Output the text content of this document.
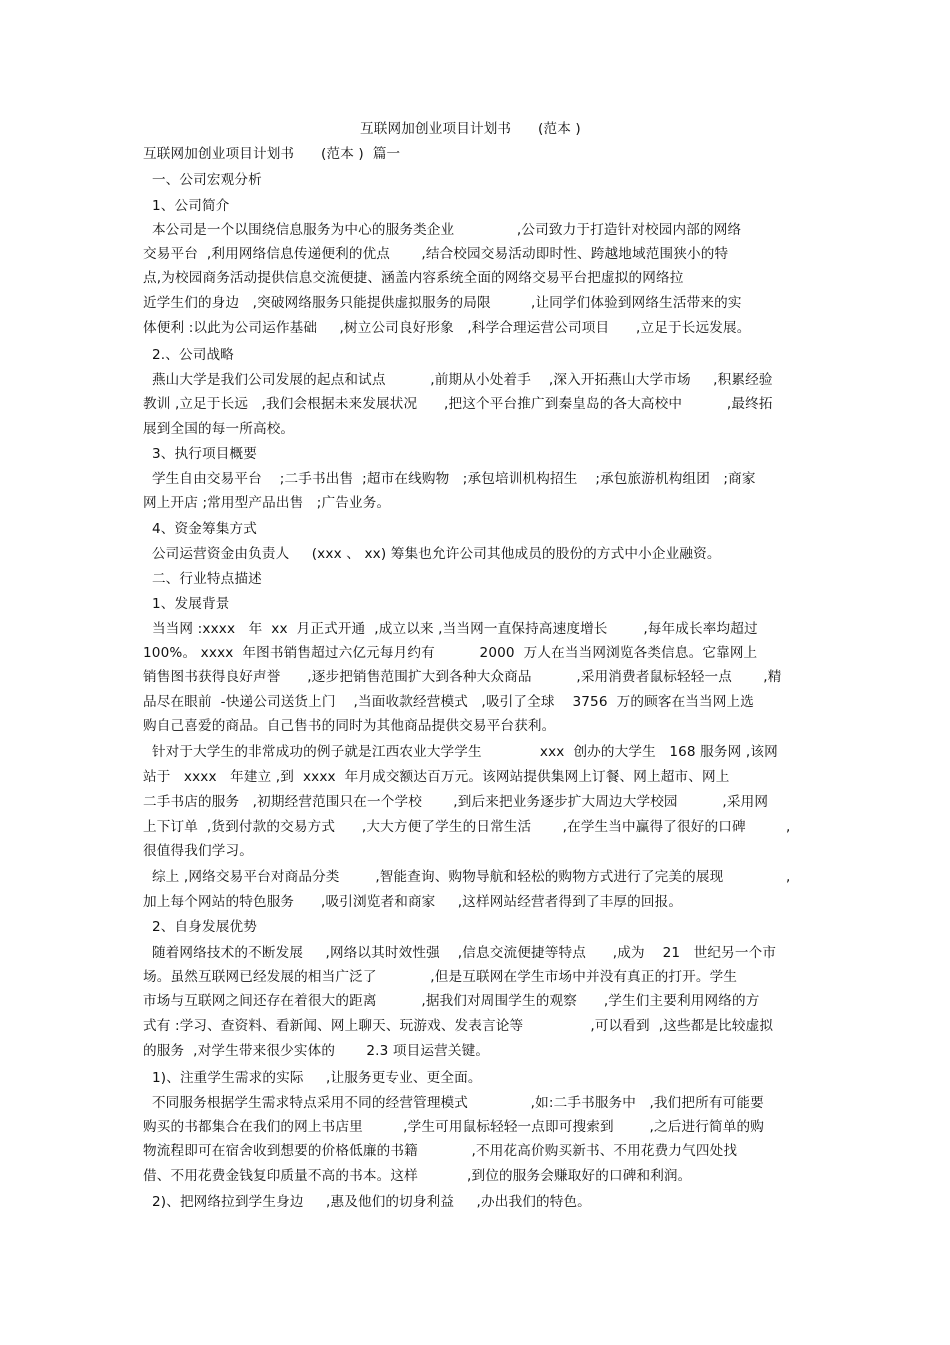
互联网加创业项目计划书      (范本 )
互联网加创业项目计划书      (范本 )  篇一
一、公司宏观分析
1、公司简介
本公司是一个以围绕信息服务为中心的服务类企业              ,公司致力于打造针对校园内部的网络
交易平台  ,利用网络信息传递便利的优点       ,结合校园交易活动即时性、跨越地域范围狭小的特
点,为校园商务活动提供信息交流便捷、涵盖内容系统全面的网络交易平台把虚拟的网络拉
近学生们的身边   ,突破网络服务只能提供虚拟服务的局限         ,让同学们体验到网络生活带来的实
体便利 :以此为公司运作基础     ,树立公司良好形象   ,科学合理运营公司项目      ,立足于长远发展。
2.、公司战略
燕山大学是我们公司发展的起点和试点          ,前期从小处着手    ,深入开拓燕山大学市场     ,积累经验
教训 ,立足于长远   ,我们会根据未来发展状况      ,把这个平台推广到秦皇岛的各大高校中          ,最终拓
展到全国的每一所高校。
3、执行项目概要
学生自由交易平台    ;二手书出售  ;超市在线购物   ;承包培训机构招生    ;承包旅游机构组团   ;商家
网上开店 ;常用型产品出售   ;广告业务。
4、资金筹集方式
公司运营资金由负责人     (xxx 、 xx) 筹集也允许公司其他成员的股份的方式中小企业融资。
二、行业特点描述
1、发展背景
当当网 :xxxx   年  xx  月正式开通  ,成立以来 ,当当网一直保持高速度增长        ,每年成长率均超过
100%。 xxxx  年图书销售超过六亿元每月约有          2000  万人在当当网浏览各类信息。它靠网上
销售图书获得良好声誉      ,逐步把销售范围扩大到各种大众商品          ,采用消费者鼠标轻轻一点       ,精
品尽在眼前  -快递公司送货上门    ,当面收款经营模式   ,吸引了全球    3756  万的顾客在当当网上选
购自己喜爱的商品。自己售书的同时为其他商品提供交易平台获利。
针对于大学生的非常成功的例子就是江西农业大学学生             xxx  创办的大学生   168 服务网 ,该网
站于   xxxx   年建立 ,到  xxxx  年月成交额达百万元。该网站提供集网上订餐、网上超市、网上
二手书店的服务   ,初期经营范围只在一个学校       ,到后来把业务逐步扩大周边大学校园          ,采用网
上下订单  ,货到付款的交易方式      ,大大方便了学生的日常生活       ,在学生当中赢得了很好的口碑         ,
很值得我们学习。
综上 ,网络交易平台对商品分类        ,智能查询、购物导航和轻松的购物方式进行了完美的展现              ,
加上每个网站的特色服务      ,吸引浏览者和商家     ,这样网站经营者得到了丰厚的回报。
2、自身发展优势
随着网络技术的不断发展     ,网络以其时效性强    ,信息交流便捷等特点      ,成为    21   世纪另一个市
场。虽然互联网已经发展的相当广泛了            ,但是互联网在学生市场中并没有真正的打开。学生
市场与互联网之间还存在着很大的距离          ,据我们对周围学生的观察      ,学生们主要利用网络的方
式有 :学习、查资料、看新闻、网上聊天、玩游戏、发表言论等               ,可以看到  ,这些都是比较虚拟
的服务  ,对学生带来很少实体的       2.3 项目运营关键。
1)、注重学生需求的实际     ,让服务更专业、更全面。
不同服务根据学生需求特点采用不同的经营管理模式              ,如:二手书服务中   ,我们把所有可能要
购买的书都集合在我们的网上书店里         ,学生可用鼠标轻轻一点即可搜索到        ,之后进行简单的购
物流程即可在宿舍收到想要的价格低廉的书籍            ,不用花高价购买新书、不用花费力气四处找
借、不用花费金钱复印质量不高的书本。这样           ,到位的服务会赚取好的口碑和利润。
2)、把网络拉到学生身边     ,惠及他们的切身利益     ,办出我们的特色。
